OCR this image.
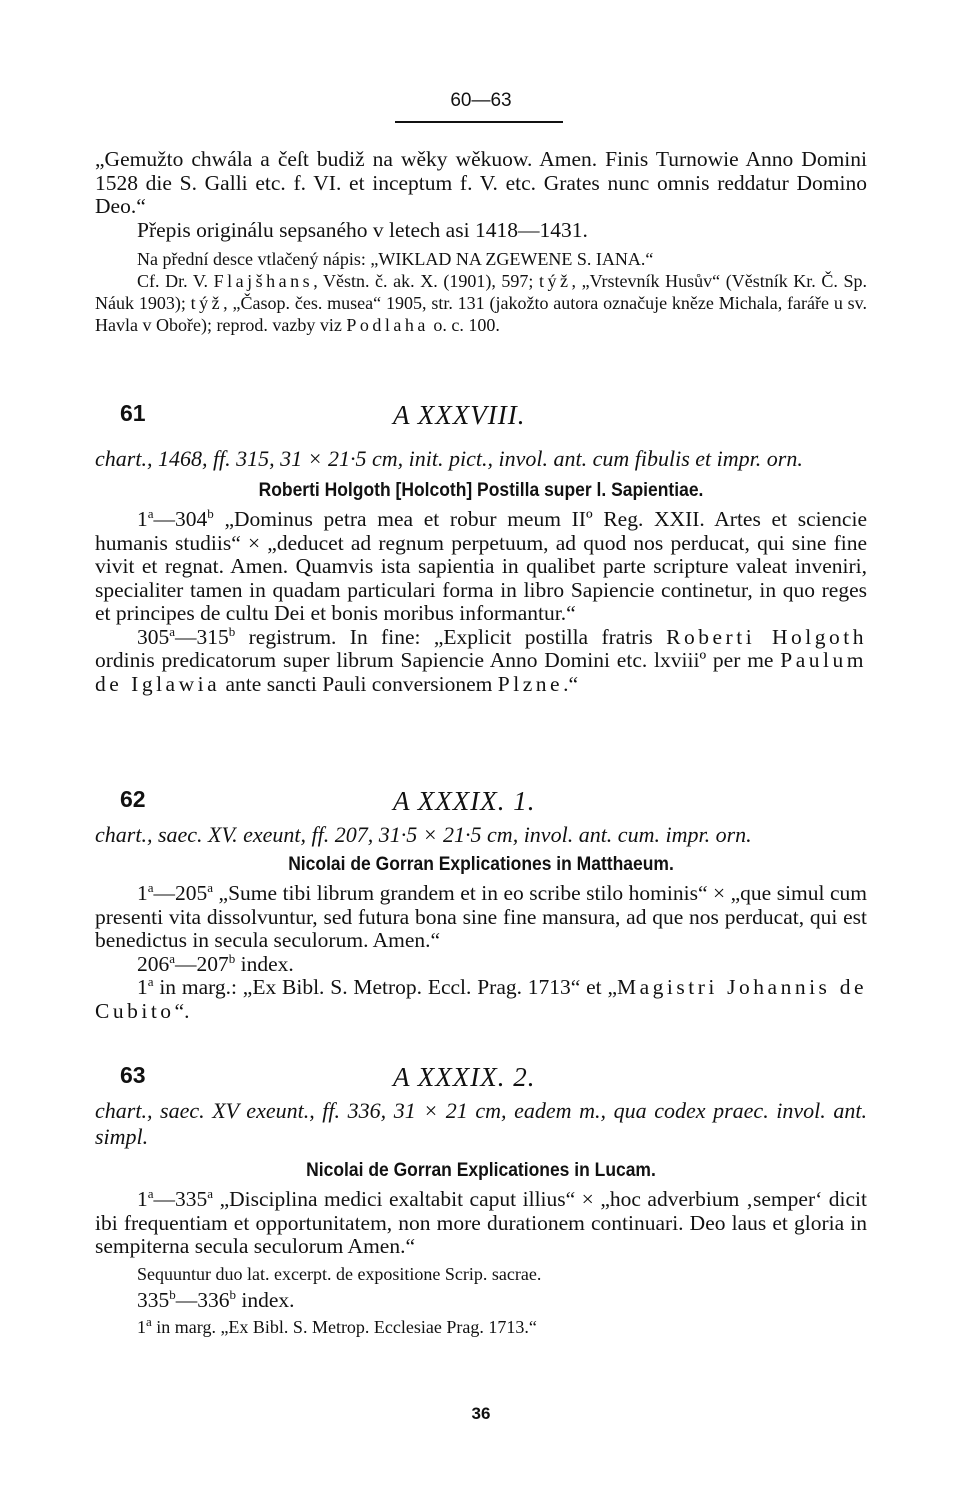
60—63

„Gemužto chwála a čeſt budiž na wěky wěkuow. Amen. Finis Turnowie Anno Domini 1528 die S. Galli etc. f. VI. et inceptum f. V. etc. Grates nunc omnis reddatur Domino Deo.“

Přepis originálu sepsaného v letech asi 1418—1431.

Na přední desce vtlačený nápis: „WIKLAD NA ZGEWENE S. IANA.“

Cf. Dr. V. Flajšhans, Věstn. č. ak. X. (1901), 597; týž, „Vrstevník Husův“ (Věstník Kr. Č. Sp. Náuk 1903); týž, „Časop. čes. musea“ 1905, str. 131 (jakožto autora označuje kněze Michala, faráře u sv. Havla v Oboře); reprod. vazby viz Podlaha o. c. 100.

61	A XXXVIII.

chart., 1468, ff. 315, 31 × 21·5 cm, init. pict., invol. ant. cum fibulis et impr. orn.

Roberti Holgoth [Holcoth] Postilla super l. Sapientiae.

1$^a$—304$^b$ „Dominus petra mea et robur meum IIº Reg. XXII. Artes et sciencie humanis studiis“ × „deducet ad regnum perpetuum, ad quod nos perducat, qui sine fine vivit et regnat. Amen. Quamvis ista sapientia in qualibet parte scripture valeat inveniri, specialiter tamen in quadam particulari forma in libro Sapiencie continetur, in quo reges et principes de cultu Dei et bonis moribus informantur.“

305$^a$—315$^b$ registrum. In fine: „Explicit postilla fratris Roberti Holgoth ordinis predicatorum super librum Sapiencie Anno Domini etc. lxviiiº per me Paulum de Iglawia ante sancti Pauli conversionem Plzne.“

62	A XXXIX. 1.

chart., saec. XV. exeunt, ff. 207, 31·5 × 21·5 cm, invol. ant. cum. impr. orn.

Nicolai de Gorran Explicationes in Matthaeum.

1$^a$—205$^a$ „Sume tibi librum grandem et in eo scribe stilo hominis“ × „que simul cum presenti vita dissolvuntur, sed futura bona sine fine mansura, ad que nos perducat, qui est benedictus in secula seculorum. Amen.“

206$^a$—207$^b$ index.

1$^a$ in marg.: „Ex Bibl. S. Metrop. Eccl. Prag. 1713“ et „Magistri Johannis de Cubito“.

63	A XXXIX. 2.

chart., saec. XV exeunt., ff. 336, 31 × 21 cm, eadem m., qua codex praec. invol. ant. simpl.

Nicolai de Gorran Explicationes in Lucam.

1$^a$—335$^a$ „Disciplina medici exaltabit caput illius“ × „hoc adverbium ‚semper‘ dicit ibi frequentiam et opportunitatem, non more durationem continuari. Deo laus et gloria in sempiterna secula seculorum Amen.“

Sequuntur duo lat. excerpt. de expositione Scrip. sacrae.

335$^b$—336$^b$ index.

1$^a$ in marg. „Ex Bibl. S. Metrop. Ecclesiae Prag. 1713.“

36
